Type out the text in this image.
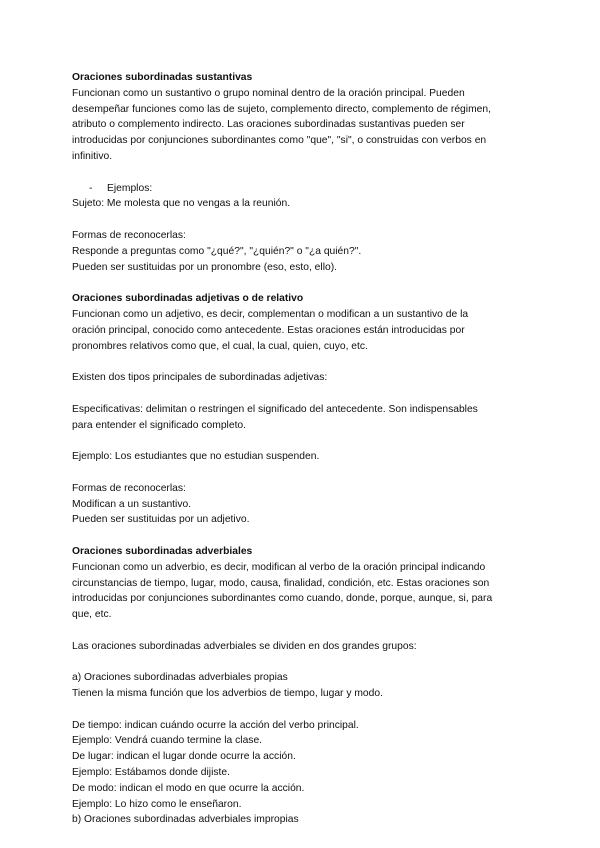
Oraciones subordinadas sustantivas
Funcionan como un sustantivo o grupo nominal dentro de la oración principal. Pueden
desempeñar funciones como las de sujeto, complemento directo, complemento de régimen,
atributo o complemento indirecto. Las oraciones subordinadas sustantivas pueden ser
introducidas por conjunciones subordinantes como "que", "si", o construidas con verbos en
infinitivo.
-	Ejemplos:
Sujeto: Me molesta que no vengas a la reunión.
Formas de reconocerlas:
Responde a preguntas como "¿qué?", "¿quién?" o "¿a quién?".
Pueden ser sustituidas por un pronombre (eso, esto, ello).
Oraciones subordinadas adjetivas o de relativo
Funcionan como un adjetivo, es decir, complementan o modifican a un sustantivo de la
oración principal, conocido como antecedente. Estas oraciones están introducidas por
pronombres relativos como que, el cual, la cual, quien, cuyo, etc.
Existen dos tipos principales de subordinadas adjetivas:
Especificativas: delimitan o restringen el significado del antecedente. Son indispensables
para entender el significado completo.
Ejemplo: Los estudiantes que no estudian suspenden.
Formas de reconocerlas:
Modifican a un sustantivo.
Pueden ser sustituidas por un adjetivo.
Oraciones subordinadas adverbiales
Funcionan como un adverbio, es decir, modifican al verbo de la oración principal indicando
circunstancias de tiempo, lugar, modo, causa, finalidad, condición, etc. Estas oraciones son
introducidas por conjunciones subordinantes como cuando, donde, porque, aunque, si, para
que, etc.
Las oraciones subordinadas adverbiales se dividen en dos grandes grupos:
a) Oraciones subordinadas adverbiales propias
Tienen la misma función que los adverbios de tiempo, lugar y modo.
De tiempo: indican cuándo ocurre la acción del verbo principal.
Ejemplo: Vendrá cuando termine la clase.
De lugar: indican el lugar donde ocurre la acción.
Ejemplo: Estábamos donde dijiste.
De modo: indican el modo en que ocurre la acción.
Ejemplo: Lo hizo como le enseñaron.
b) Oraciones subordinadas adverbiales impropias
